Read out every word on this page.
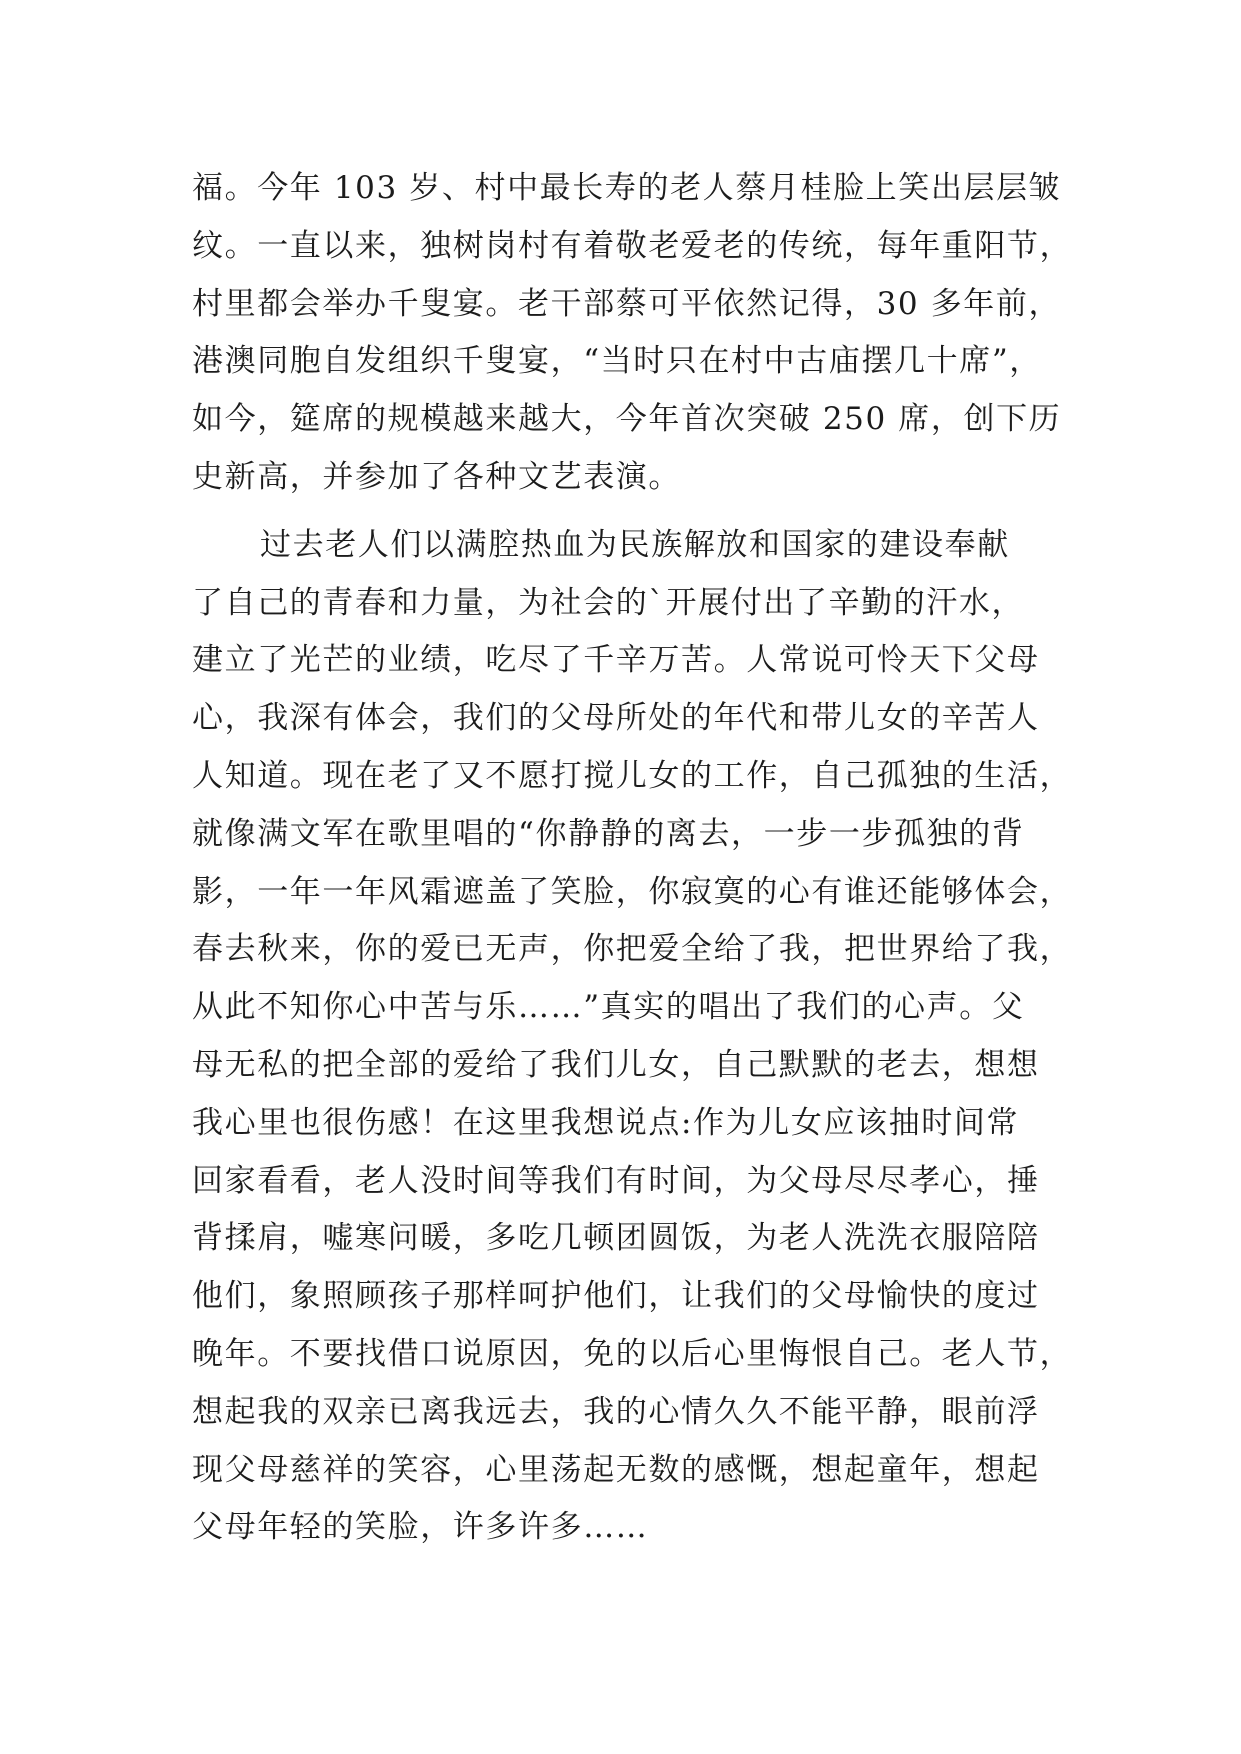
福。今年 103 岁、村中最长寿的老人蔡月桂脸上笑出层层皱
纹。一直以来，独树岗村有着敬老爱老的传统，每年重阳节，
村里都会举办千叟宴。老干部蔡可平依然记得，30 多年前，
港澳同胞自发组织千叟宴，“当时只在村中古庙摆几十席”，
如今，筵席的规模越来越大，今年首次突破 250 席，创下历
史新高，并参加了各种文艺表演。
过去老人们以满腔热血为民族解放和国家的建设奉献
了自己的青春和力量，为社会的`开展付出了辛勤的汗水，
建立了光芒的业绩，吃尽了千辛万苦。人常说可怜天下父母
心，我深有体会，我们的父母所处的年代和带儿女的辛苦人
人知道。现在老了又不愿打搅儿女的工作，自己孤独的生活，
就像满文军在歌里唱的“你静静的离去，一步一步孤独的背
影，一年一年风霜遮盖了笑脸，你寂寞的心有谁还能够体会，
春去秋来，你的爱已无声，你把爱全给了我，把世界给了我，
从此不知你心中苦与乐……”真实的唱出了我们的心声。父
母无私的把全部的爱给了我们儿女，自己默默的老去，想想
我心里也很伤感！在这里我想说点:作为儿女应该抽时间常
回家看看，老人没时间等我们有时间，为父母尽尽孝心，捶
背揉肩，嘘寒问暖，多吃几顿团圆饭，为老人洗洗衣服陪陪
他们，象照顾孩子那样呵护他们，让我们的父母愉快的度过
晚年。不要找借口说原因，免的以后心里悔恨自己。老人节，
想起我的双亲已离我远去，我的心情久久不能平静，眼前浮
现父母慈祥的笑容，心里荡起无数的感慨，想起童年，想起
父母年轻的笑脸，许多许多……
